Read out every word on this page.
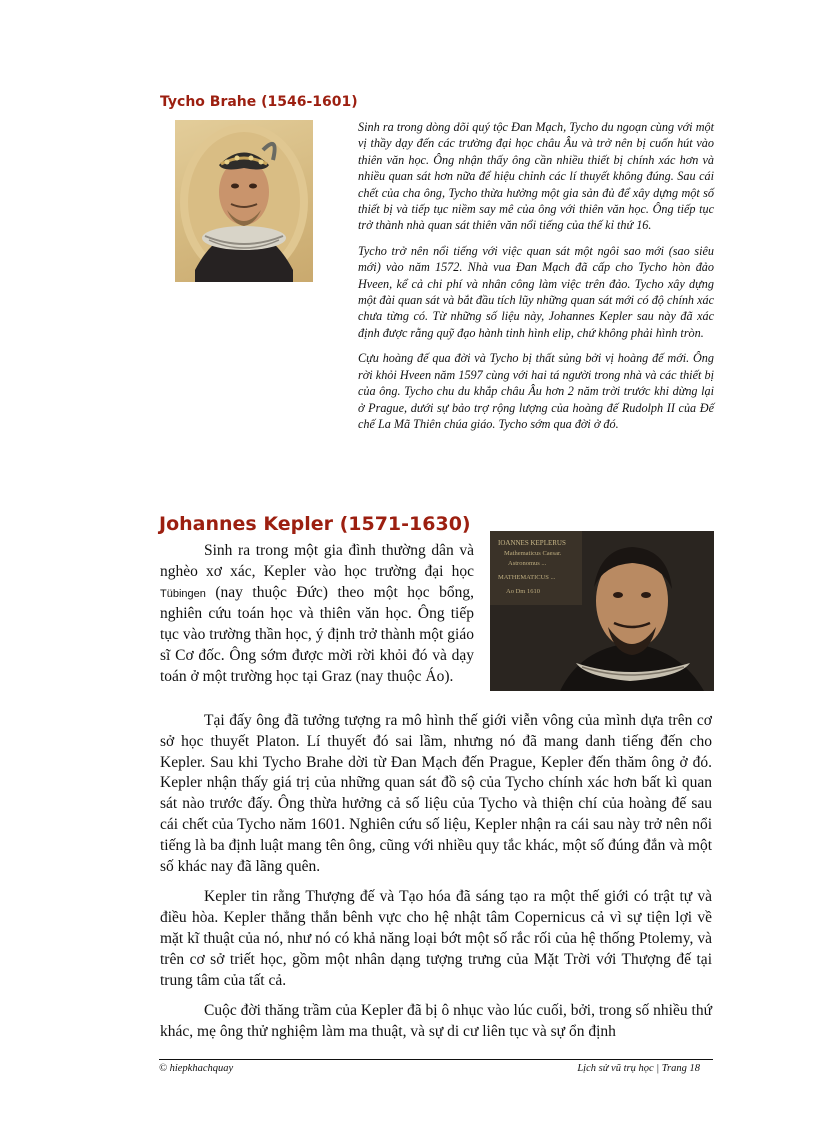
Tycho Brahe (1546-1601)

Sinh ra trong dòng dõi quý tộc Đan Mạch, Tycho du ngoạn cùng với một vị thầy dạy đến các trường đại học châu Âu và trở nên bị cuốn hút vào thiên văn học. Ông nhận thấy ông cần nhiều thiết bị chính xác hơn và nhiều quan sát hơn nữa để hiệu chỉnh các lí thuyết không đúng. Sau cái chết của cha ông, Tycho thừa hưởng một gia sản đủ để xây dựng một số thiết bị và tiếp tục niềm say mê của ông với thiên văn học. Ông tiếp tục trở thành nhà quan sát thiên văn nổi tiếng của thế kỉ thứ 16.

Tycho trở nên nổi tiếng với việc quan sát một ngôi sao mới (sao siêu mới) vào năm 1572. Nhà vua Đan Mạch đã cấp cho Tycho hòn đảo Hveen, kể cả chi phí và nhân công làm việc trên đảo. Tycho xây dựng một đài quan sát và bắt đầu tích lũy những quan sát mới có độ chính xác chưa từng có. Từ những số liệu này, Johannes Kepler sau này đã xác định được rằng quỹ đạo hành tinh hình elip, chứ không phải hình tròn.

Cựu hoàng đế qua đời và Tycho bị thất sủng bởi vị hoàng đế mới. Ông rời khỏi Hveen năm 1597 cùng với hai tá người trong nhà và các thiết bị của ông. Tycho chu du khắp châu Âu hơn 2 năm trời trước khi dừng lại ở Prague, dưới sự bảo trợ rộng lượng của hoàng đế Rudolph II của Đế chế La Mã Thiên chúa giáo. Tycho sớm qua đời ở đó.

Johannes Kepler (1571-1630)

Sinh ra trong một gia đình thường dân và nghèo xơ xác, Kepler vào học trường đại học Tübingen (nay thuộc Đức) theo một học bổng, nghiên cứu toán học và thiên văn học. Ông tiếp tục vào trường thần học, ý định trở thành một giáo sĩ Cơ đốc. Ông sớm được mời rời khỏi đó và dạy toán ở một trường học tại Graz (nay thuộc Áo).

IOANNES KEPLERUS
Mathematicus Caesar.
Astronomus ...
MATHEMATICUS ...
Ao Dm 1610

Tại đấy ông đã tưởng tượng ra mô hình thế giới viễn vông của mình dựa trên cơ sở học thuyết Platon. Lí thuyết đó sai lầm, nhưng nó đã mang danh tiếng đến cho Kepler. Sau khi Tycho Brahe dời từ Đan Mạch đến Prague, Kepler đến thăm ông ở đó. Kepler nhận thấy giá trị của những quan sát đồ sộ của Tycho chính xác hơn bất kì quan sát nào trước đấy. Ông thừa hưởng cả số liệu của Tycho và thiện chí của hoàng đế sau cái chết của Tycho năm 1601. Nghiên cứu số liệu, Kepler nhận ra cái sau này trở nên nổi tiếng là ba định luật mang tên ông, cũng với nhiều quy tắc khác, một số đúng đắn và một số khác nay đã lãng quên.

Kepler tin rằng Thượng đế và Tạo hóa đã sáng tạo ra một thế giới có trật tự và điều hòa. Kepler thẳng thắn bênh vực cho hệ nhật tâm Copernicus cả vì sự tiện lợi về mặt kĩ thuật của nó, như nó có khả năng loại bớt một số rắc rối của hệ thống Ptolemy, và trên cơ sở triết học, gồm một nhân dạng tượng trưng của Mặt Trời với Thượng đế tại trung tâm của tất cả.

Cuộc đời thăng trầm của Kepler đã bị ô nhục vào lúc cuối, bởi, trong số nhiều thứ khác, mẹ ông thử nghiệm làm ma thuật, và sự di cư liên tục và sự ổn định

© hiepkhachquay	Lịch sử vũ trụ học | Trang 18
